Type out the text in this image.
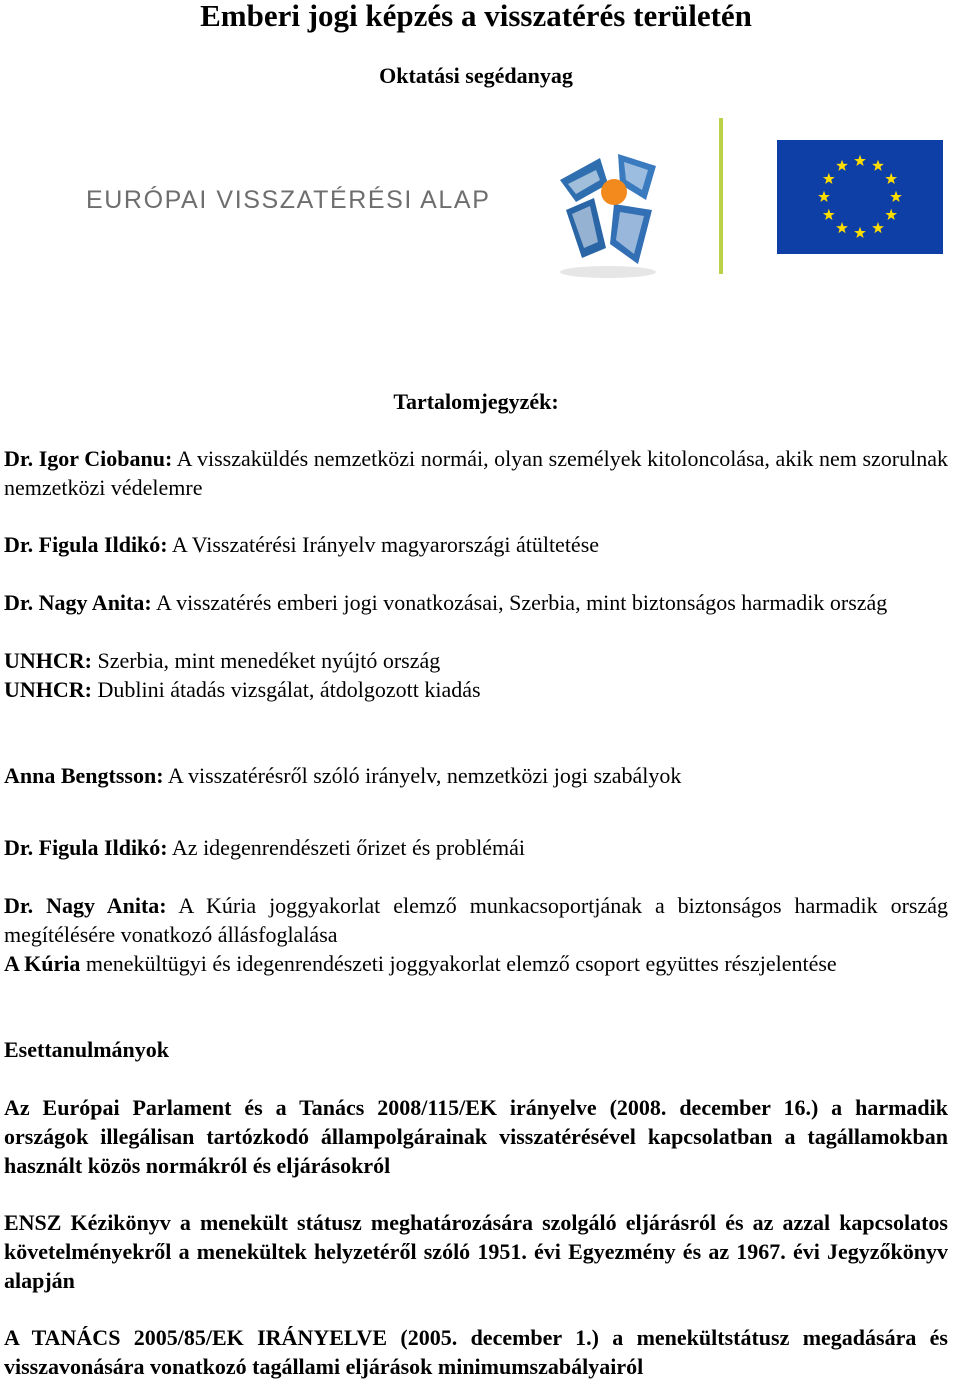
Emberi jogi képzés a visszatérés területén
Oktatási segédanyag
EURÓPAI VISSZATÉRÉSI ALAP
Tartalomjegyzék:

Dr. Igor Ciobanu: A visszaküldés nemzetközi normái, olyan személyek kitoloncolása, akik nem szorulnak nemzetközi védelemre

Dr. Figula Ildikó: A Visszatérési Irányelv magyarországi átültetése

Dr. Nagy Anita: A visszatérés emberi jogi vonatkozásai, Szerbia, mint biztonságos harmadik ország

UNHCR: Szerbia, mint menedéket nyújtó ország

UNHCR: Dublini átadás vizsgálat, átdolgozott kiadás

Anna Bengtsson: A visszatérésről szóló irányelv, nemzetközi jogi szabályok

Dr. Figula Ildikó: Az idegenrendészeti őrizet és problémái

Dr. Nagy Anita: A Kúria joggyakorlat elemző munkacsoportjának a biztonságos harmadik ország megítélésére vonatkozó állásfoglalása

A Kúria menekültügyi és idegenrendészeti joggyakorlat elemző csoport együttes részjelentése

Esettanulmányok

Az Európai Parlament és a Tanács 2008/115/EK irányelve (2008. december 16.) a harmadik országok illegálisan tartózkodó állampolgárainak visszatérésével kapcsolatban a tagállamokban használt közös normákról és eljárásokról

ENSZ Kézikönyv a menekült státusz meghatározására szolgáló eljárásról és az azzal kapcsolatos követelményekről a menekültek helyzetéről szóló 1951. évi Egyezmény és az 1967. évi Jegyzőkönyv alapján

A TANÁCS 2005/85/EK IRÁNYELVE (2005. december 1.) a menekültstátusz megadására és visszavonására vonatkozó tagállami eljárások minimumszabályairól
